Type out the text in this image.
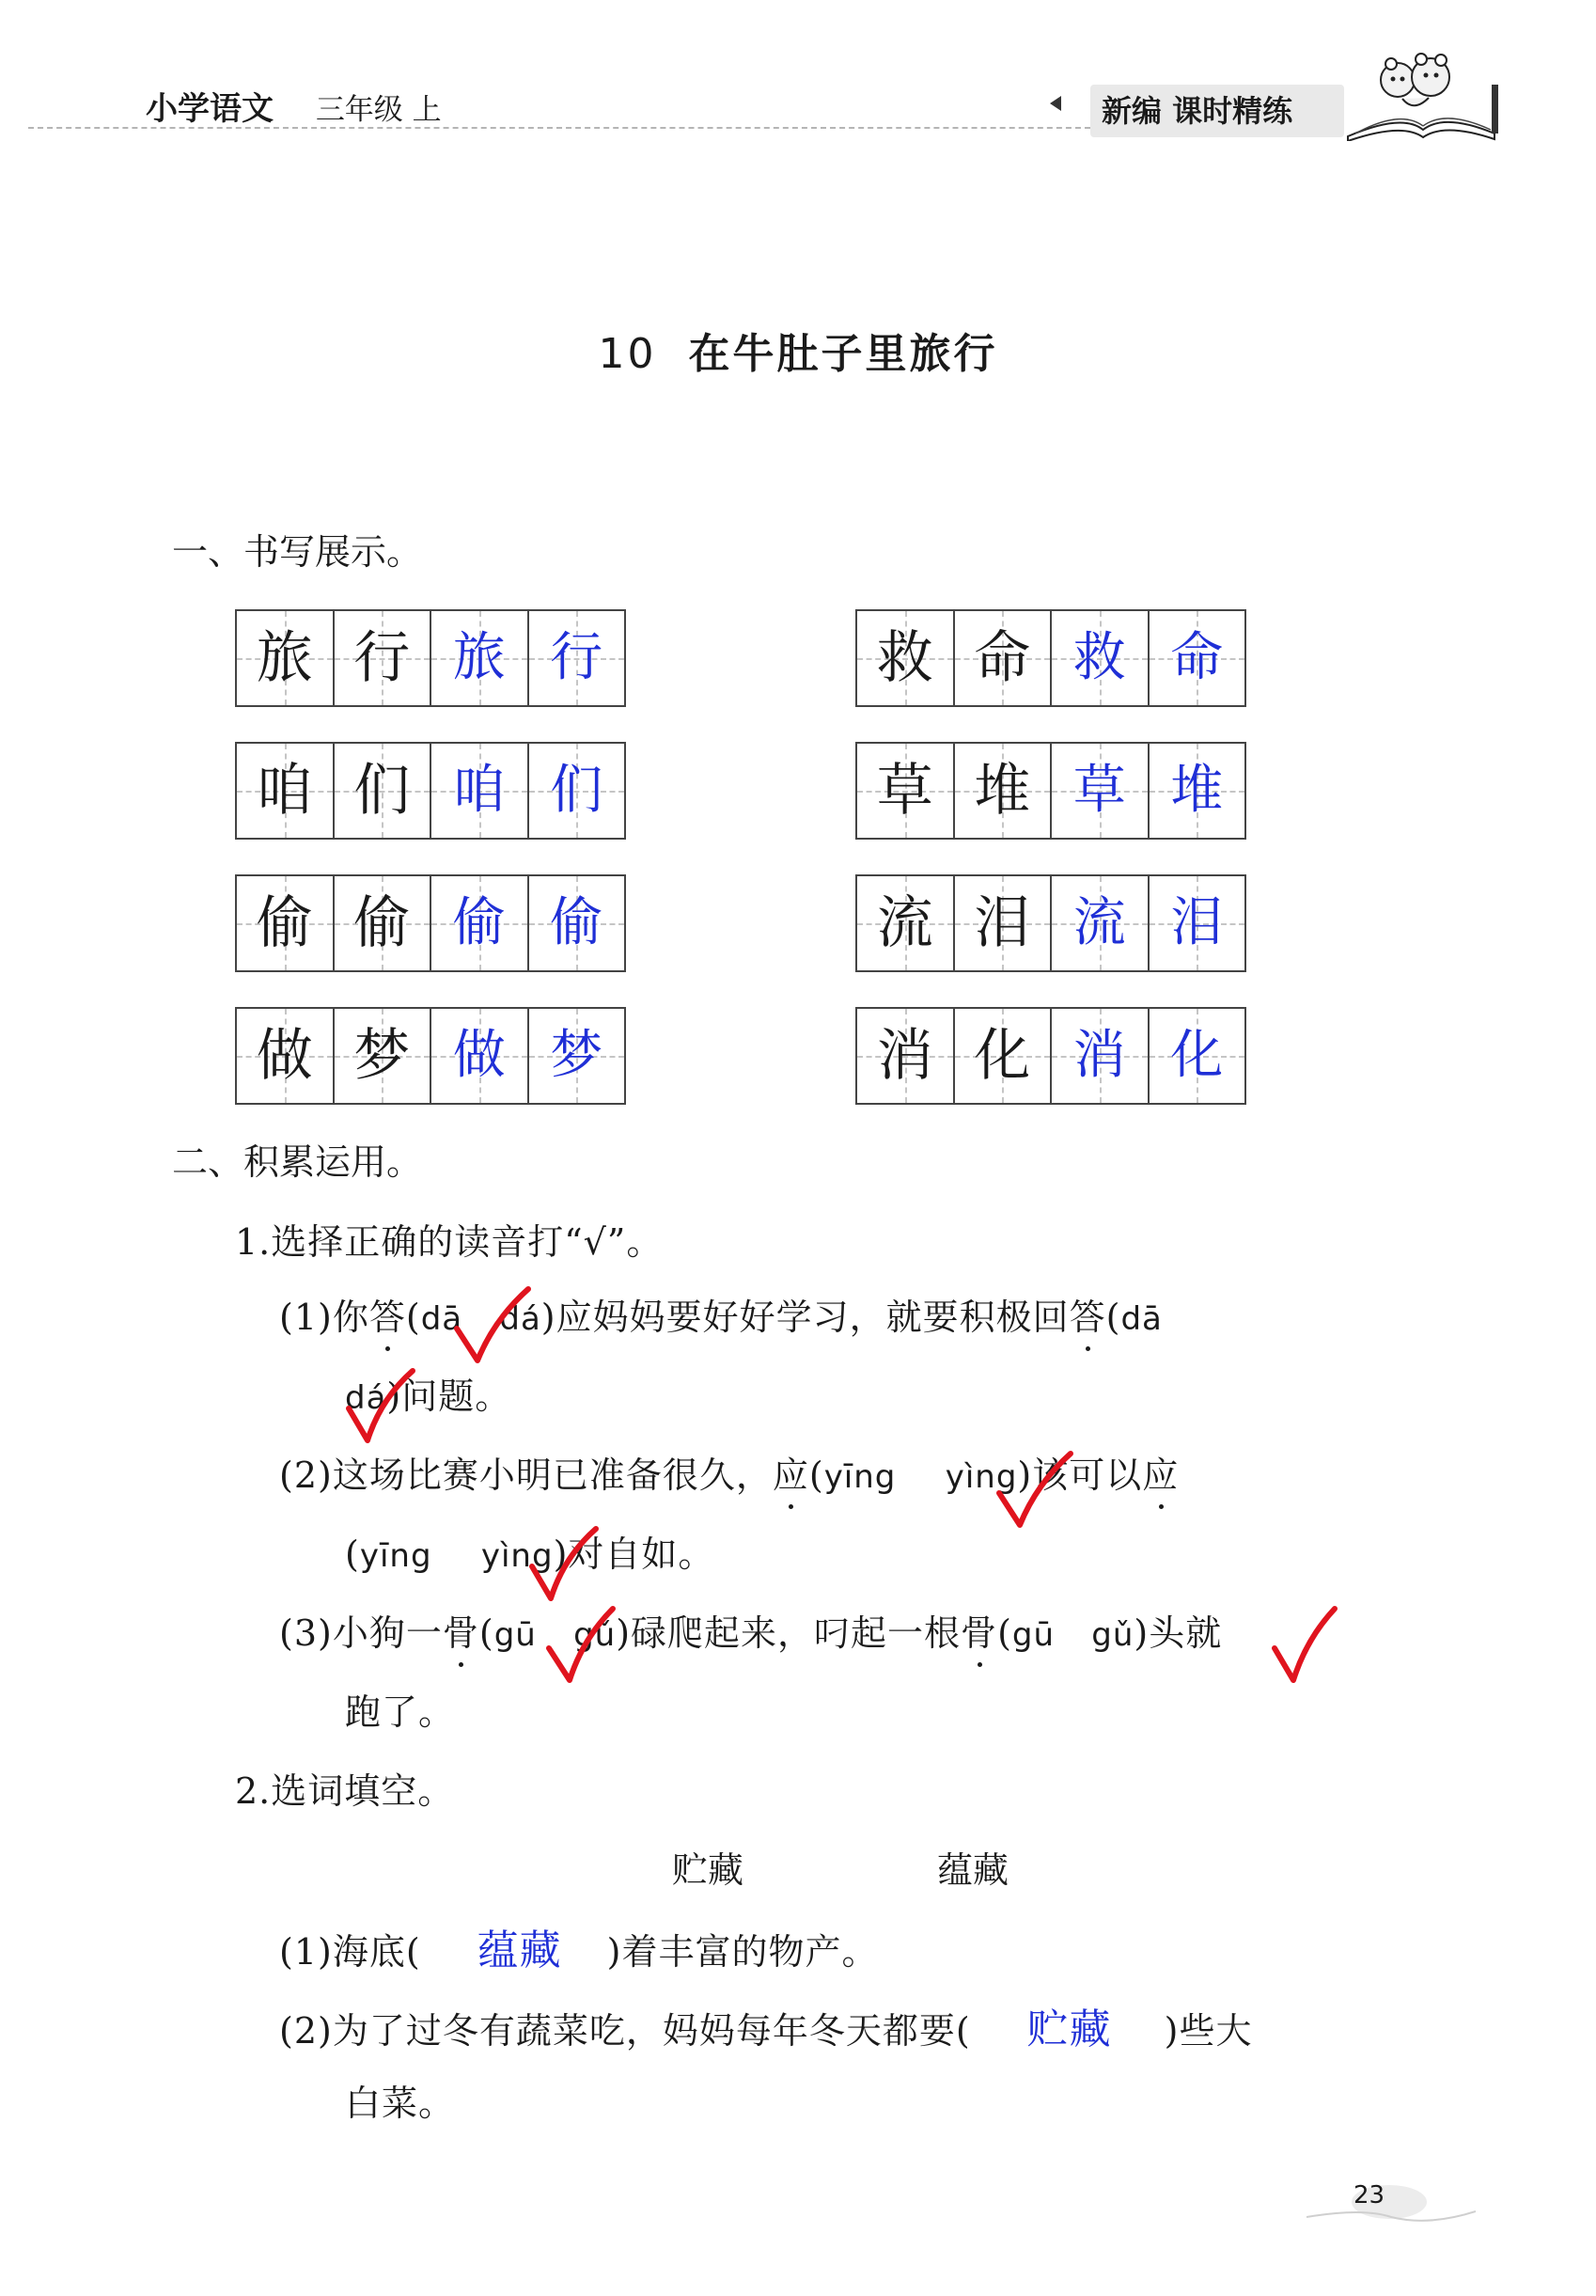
小学语文 三年级 上	新编 课时精练
10 在牛肚子里旅行
一、书写展示。
旅 行 旅 行	救 命 救 命
咱 们 咱 们	草 堆 草 堆
偷 偷 偷 偷	流 泪 流 泪
做 梦 做 梦	消 化 消 化
二、积累运用。
1.选择正确的读音打“√”。
(1)你答(dā dá)应妈妈要好好学习，就要积极回答(dā
dá)问题。
(2)这场比赛小明已准备很久，应(yīng yìng)该可以应
(yīng yìng)对自如。
(3)小狗一骨(gū gǔ)碌爬起来，叼起一根骨(gū gǔ)头就
跑了。
2.选词填空。
贮藏	蕴藏
(1)海底( 蕴藏 )着丰富的物产。
(2)为了过冬有蔬菜吃，妈妈每年冬天都要( 贮藏 )些大
白菜。
23
